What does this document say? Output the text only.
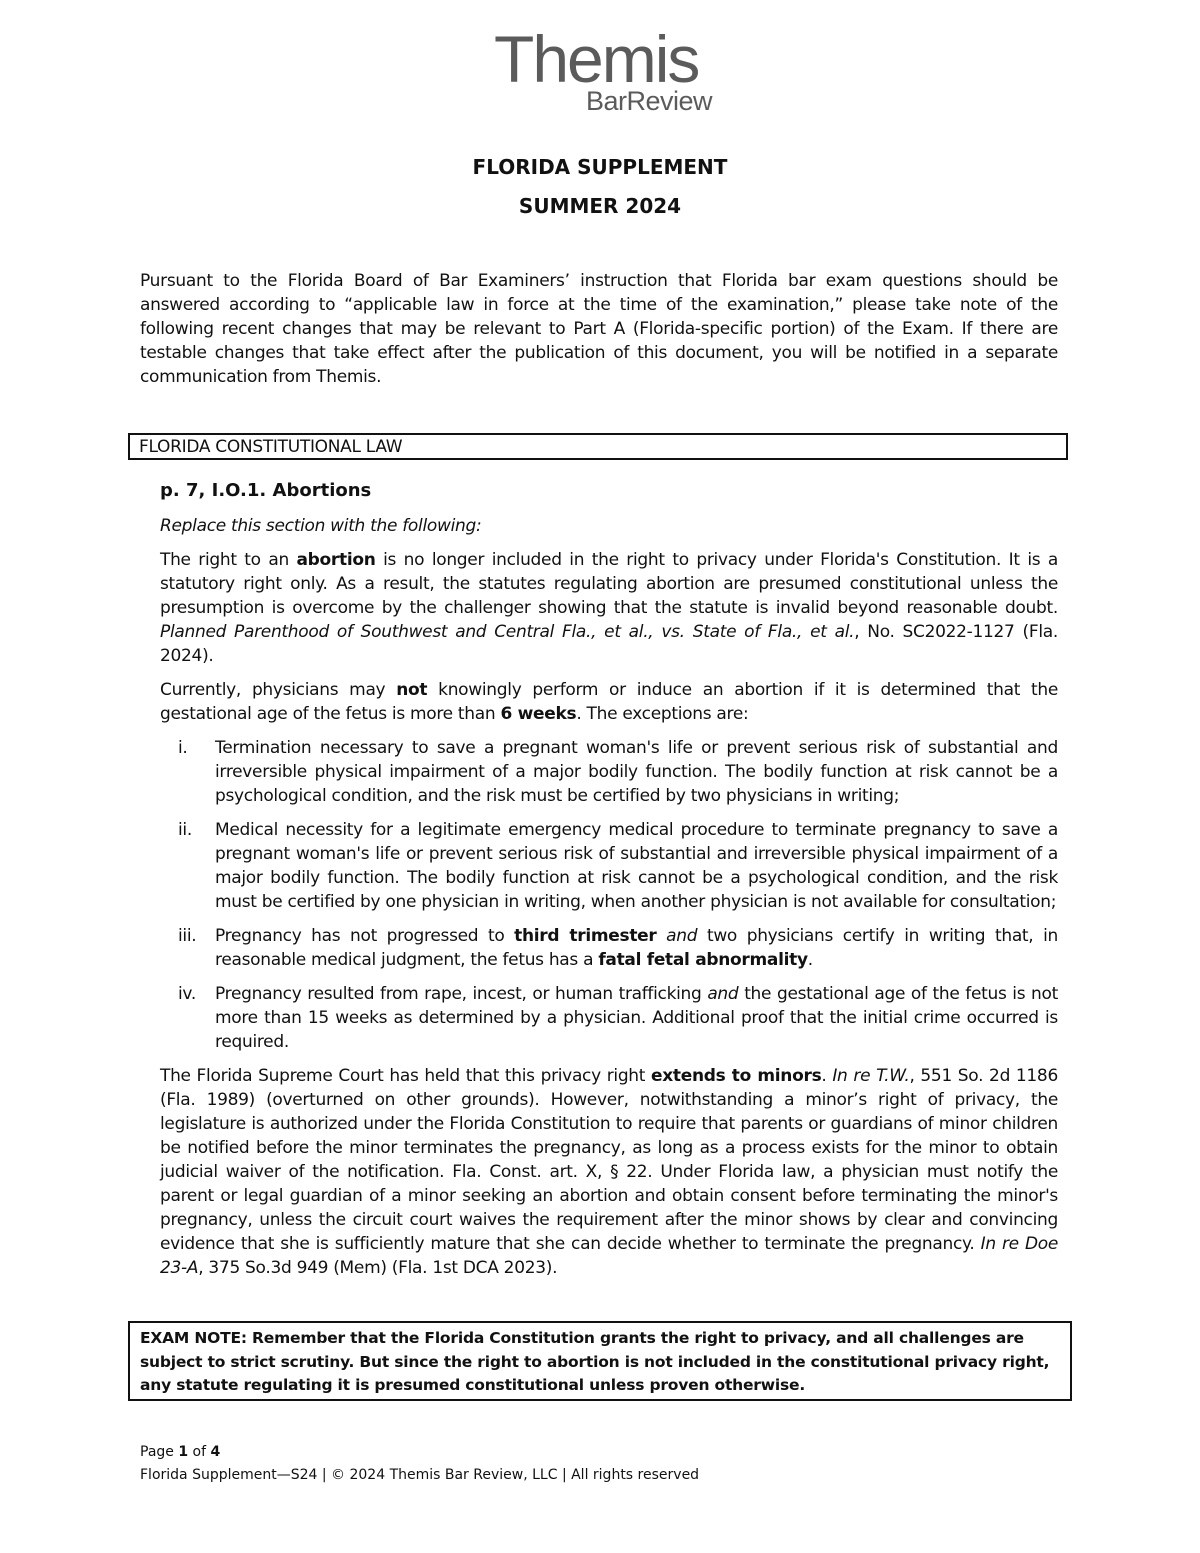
Themis
BarReview
FLORIDA SUPPLEMENT
SUMMER 2024

Pursuant to the Florida Board of Bar Examiners’ instruction that Florida bar exam questions should be answered according to “applicable law in force at the time of the examination,” please take note of the following recent changes that may be relevant to Part A (Florida-specific portion) of the Exam. If there are testable changes that take effect after the publication of this document, you will be notified in a separate communication from Themis.

FLORIDA CONSTITUTIONAL LAW

p. 7, I.O.1. Abortions

Replace this section with the following:

The right to an abortion is no longer included in the right to privacy under Florida's Constitution. It is a statutory right only. As a result, the statutes regulating abortion are presumed constitutional unless the presumption is overcome by the challenger showing that the statute is invalid beyond reasonable doubt. Planned Parenthood of Southwest and Central Fla., et al., vs. State of Fla., et al., No. SC2022-1127 (Fla. 2024).

Currently, physicians may not knowingly perform or induce an abortion if it is determined that the gestational age of the fetus is more than 6 weeks. The exceptions are:

i. Termination necessary to save a pregnant woman's life or prevent serious risk of substantial and irreversible physical impairment of a major bodily function. The bodily function at risk cannot be a psychological condition, and the risk must be certified by two physicians in writing;
ii. Medical necessity for a legitimate emergency medical procedure to terminate pregnancy to save a pregnant woman's life or prevent serious risk of substantial and irreversible physical impairment of a major bodily function. The bodily function at risk cannot be a psychological condition, and the risk must be certified by one physician in writing, when another physician is not available for consultation;
iii. Pregnancy has not progressed to third trimester and two physicians certify in writing that, in reasonable medical judgment, the fetus has a fatal fetal abnormality.
iv. Pregnancy resulted from rape, incest, or human trafficking and the gestational age of the fetus is not more than 15 weeks as determined by a physician. Additional proof that the initial crime occurred is required.

The Florida Supreme Court has held that this privacy right extends to minors. In re T.W., 551 So. 2d 1186 (Fla. 1989) (overturned on other grounds). However, notwithstanding a minor’s right of privacy, the legislature is authorized under the Florida Constitution to require that parents or guardians of minor children be notified before the minor terminates the pregnancy, as long as a process exists for the minor to obtain judicial waiver of the notification. Fla. Const. art. X, § 22. Under Florida law, a physician must notify the parent or legal guardian of a minor seeking an abortion and obtain consent before terminating the minor's pregnancy, unless the circuit court waives the requirement after the minor shows by clear and convincing evidence that she is sufficiently mature that she can decide whether to terminate the pregnancy. In re Doe 23-A, 375 So.3d 949 (Mem) (Fla. 1st DCA 2023).

EXAM NOTE: Remember that the Florida Constitution grants the right to privacy, and all challenges are subject to strict scrutiny. But since the right to abortion is not included in the constitutional privacy right, any statute regulating it is presumed constitutional unless proven otherwise.
Page 1 of 4
Florida Supplement—S24 | © 2024 Themis Bar Review, LLC | All rights reserved
